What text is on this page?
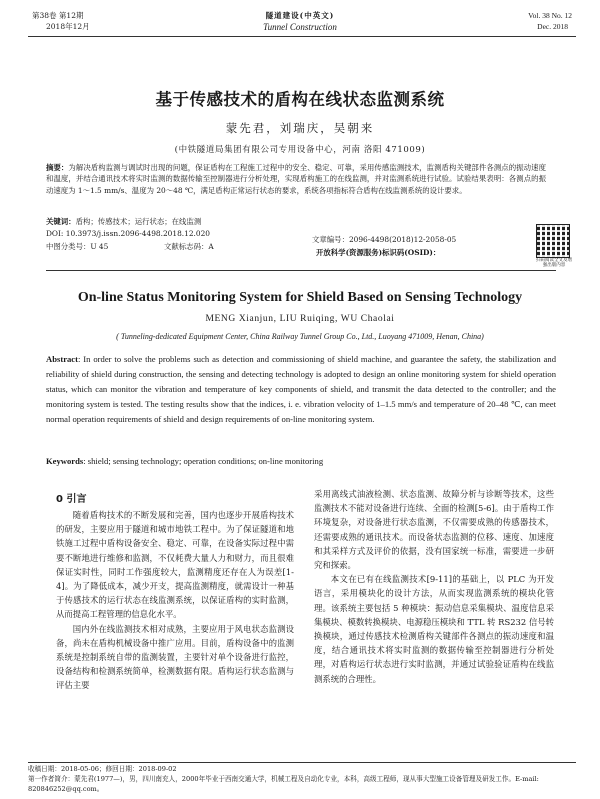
第38卷 第12期
2018年12月
隧道建设(中英文)
Tunnel Construction
Vol. 38 No. 12
Dec. 2018
基于传感技术的盾构在线状态监测系统
蒙先君，刘瑞庆，吴朝来
(中铁隧道局集团有限公司专用设备中心，河南 洛阳 471009)
摘要：为解决盾构监测与调试时出现的问题，保证盾构在工程施工过程中的安全、稳定、可靠，采用传感监测技术，监测盾构关键部件各测点的振动速度和温度，并结合通讯技术将实时监测的数据传输至控制器进行分析处理，实现盾构施工的在线监测，并对监测系统进行试验。试验结果表明：各测点的振动速度为 1～1.5 mm/s、温度为 20～48 ℃，满足盾构正常运行状态的要求，系统各项指标符合盾构在线监测系统的设计要求。
关键词：盾构；传感技术；运行状态；在线监测
DOI: 10.3973/j.issn.2096-4498.2018.12.020
文章编号：2096-4498(2018)12-2058-05
中图分类号：U 45	文献标志码：A
开放科学(资源服务)标识码(OSID)：
扫码阅读全文及增强出版内容
On-line Status Monitoring System for Shield Based on Sensing Technology
MENG Xianjun, LIU Ruiqing, WU Chaolai
( Tunneling-dedicated Equipment Center, China Railway Tunnel Group Co., Ltd., Luoyang 471009, Henan, China)
Abstract: In order to solve the problems such as detection and commissioning of shield machine, and guarantee the safety, the stabilization and reliability of shield during construction, the sensing and detecting technology is adopted to design an online monitoring system for shield operation status, which can monitor the vibration and temperature of key components of shield, and transmit the data detected to the controller; and the monitoring system is tested. The testing results show that the indices, i. e. vibration velocity of 1–1.5 mm/s and temperature of 20–48 ℃, can meet normal operation requirements of shield and design requirements of on-line monitoring system.
Keywords: shield; sensing technology; operation conditions; on-line monitoring
0 引言
随着盾构技术的不断发展和完善，国内也逐步开展盾构技术的研发，主要应用于隧道和城市地铁工程中。为了保证隧道和地铁施工过程中盾构设备安全、稳定、可靠，在设备实际过程中需要不断地进行维修和监测，不仅耗费大量人力和财力，而且很难保证实时性，同时工作强度较大，监测精度还存在人为误差[1-4]。为了降低成本，减少开支，提高监测精度，就需设计一种基于传感技术的运行状态在线监测系统，以保证盾构的实时监测，从而提高工程管理的信息化水平。
国内外在线监测技术相对成熟，主要应用于风电状态监测设备，尚未在盾构机械设备中推广应用。目前，盾构设备中的监测系统是控制系统自带的监测装置，主要针对单个设备进行监控，设备结构和检测系统简单，检测数据有限。盾构运行状态监测与评估主要
采用离线式油液检测、状态监测、故障分析与诊断等技术，这些监测技术不能对设备进行连续、全面的检测[5-6]。由于盾构工作环境复杂，对设备进行状态监测，不仅需要成熟的传感器技术，还需要成熟的通讯技术。而设备状态监测的位移、速度、加速度和其采样方式及评价的依据，没有国家统一标准，需要进一步研究和探索。
本文在已有在线监测技术[9-11]的基础上，以 PLC 为开发语言，采用模块化的设计方法，从而实现监测系统的模块化管理。该系统主要包括 5 种模块：振动信息采集模块、温度信息采集模块、模数转换模块、电源稳压模块和 TTL 转 RS232 信号转换模块，通过传感技术检测盾构关键部件各测点的振动速度和温度，结合通讯技术将实时监测的数据传输至控制器进行分析处理，对盾构运行状态进行实时监测，并通过试验验证盾构在线监测系统的合理性。
收稿日期：2018-05-06；修回日期：2018-09-02
第一作者简介：蒙先君(1977—)，男，四川南充人，2000年毕业于西南交通大学，机械工程及自动化专业，本科，高级工程师，现从事大型施工设备管理及研发工作。E-mail: 820846252@qq.com。
